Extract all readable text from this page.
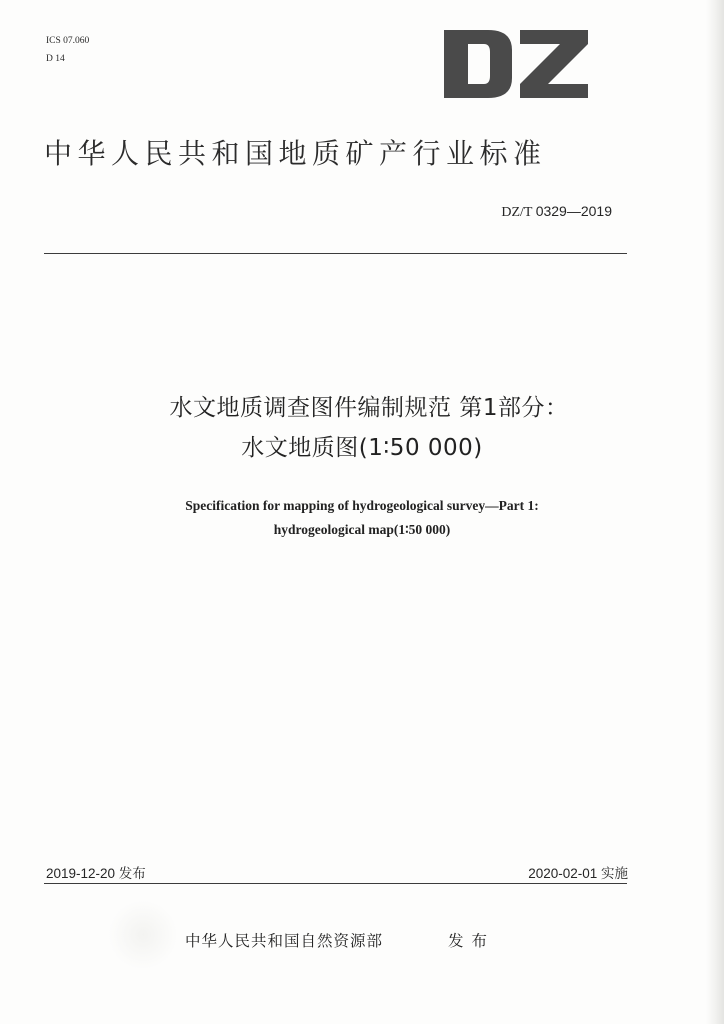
ICS 07.060
D 14
中华人民共和国地质矿产行业标准
DZ/T 0329—2019
水文地质调查图件编制规范 第1部分：
水文地质图(1∶50 000)
Specification for mapping of hydrogeological survey—Part 1:
hydrogeological map(1∶50 000)
2019-12-20 发布	2020-02-01 实施
中华人民共和国自然资源部	发布
